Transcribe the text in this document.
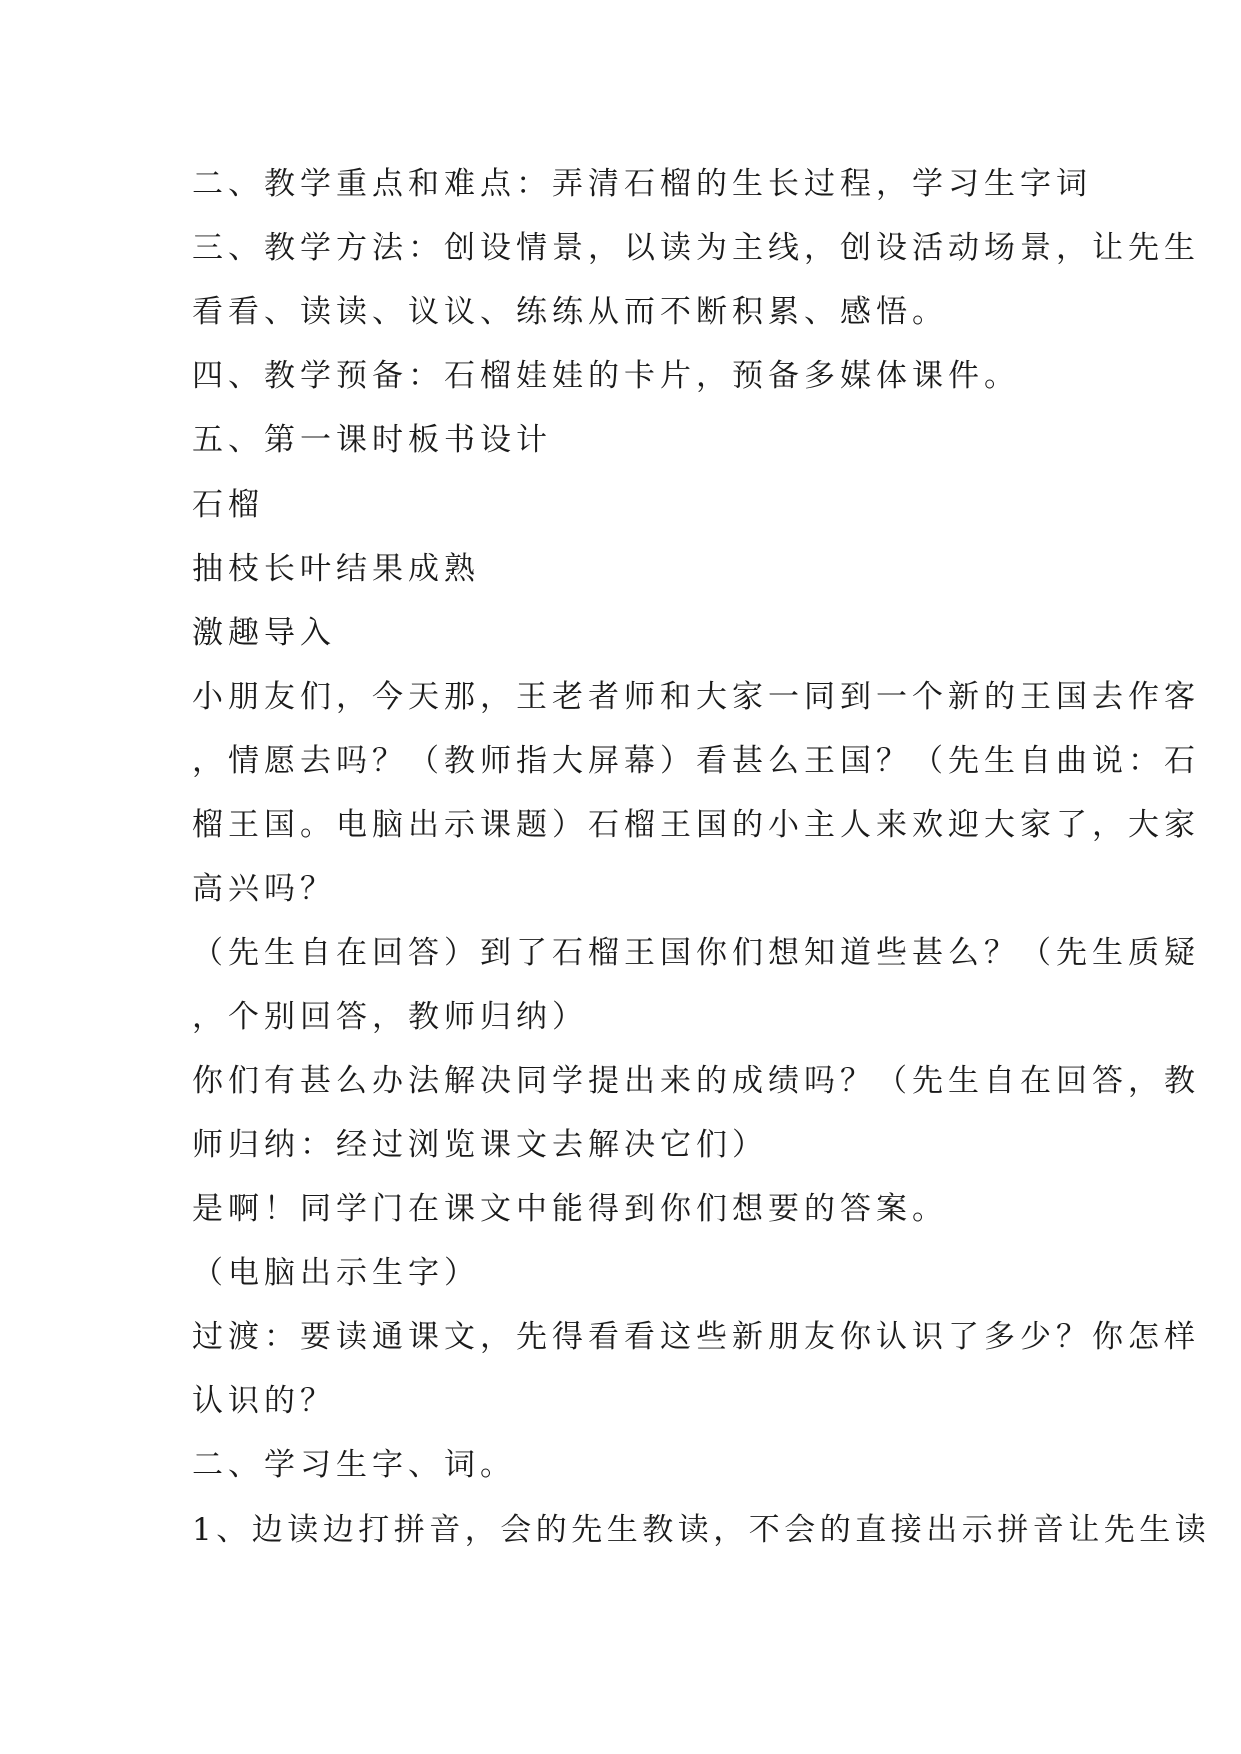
二、教学重点和难点：弄清石榴的生长过程，学习生字词
三、教学方法：创设情景，以读为主线，创设活动场景，让先生
看看、读读、议议、练练从而不断积累、感悟。
四、教学预备：石榴娃娃的卡片，预备多媒体课件。
五、第一课时板书设计
石榴
抽枝长叶结果成熟
激趣导入
小朋友们，今天那，王老者师和大家一同到一个新的王国去作客
，情愿去吗？（教师指大屏幕）看甚么王国？（先生自曲说：石
榴王国。电脑出示课题）石榴王国的小主人来欢迎大家了，大家
高兴吗？
（先生自在回答）到了石榴王国你们想知道些甚么？（先生质疑
，个别回答，教师归纳）
你们有甚么办法解决同学提出来的成绩吗？（先生自在回答，教
师归纳：经过浏览课文去解决它们）
是啊！同学门在课文中能得到你们想要的答案。
（电脑出示生字）
过渡：要读通课文，先得看看这些新朋友你认识了多少？你怎样
认识的？
二、学习生字、词。
1、边读边打拼音，会的先生教读，不会的直接出示拼音让先生读
